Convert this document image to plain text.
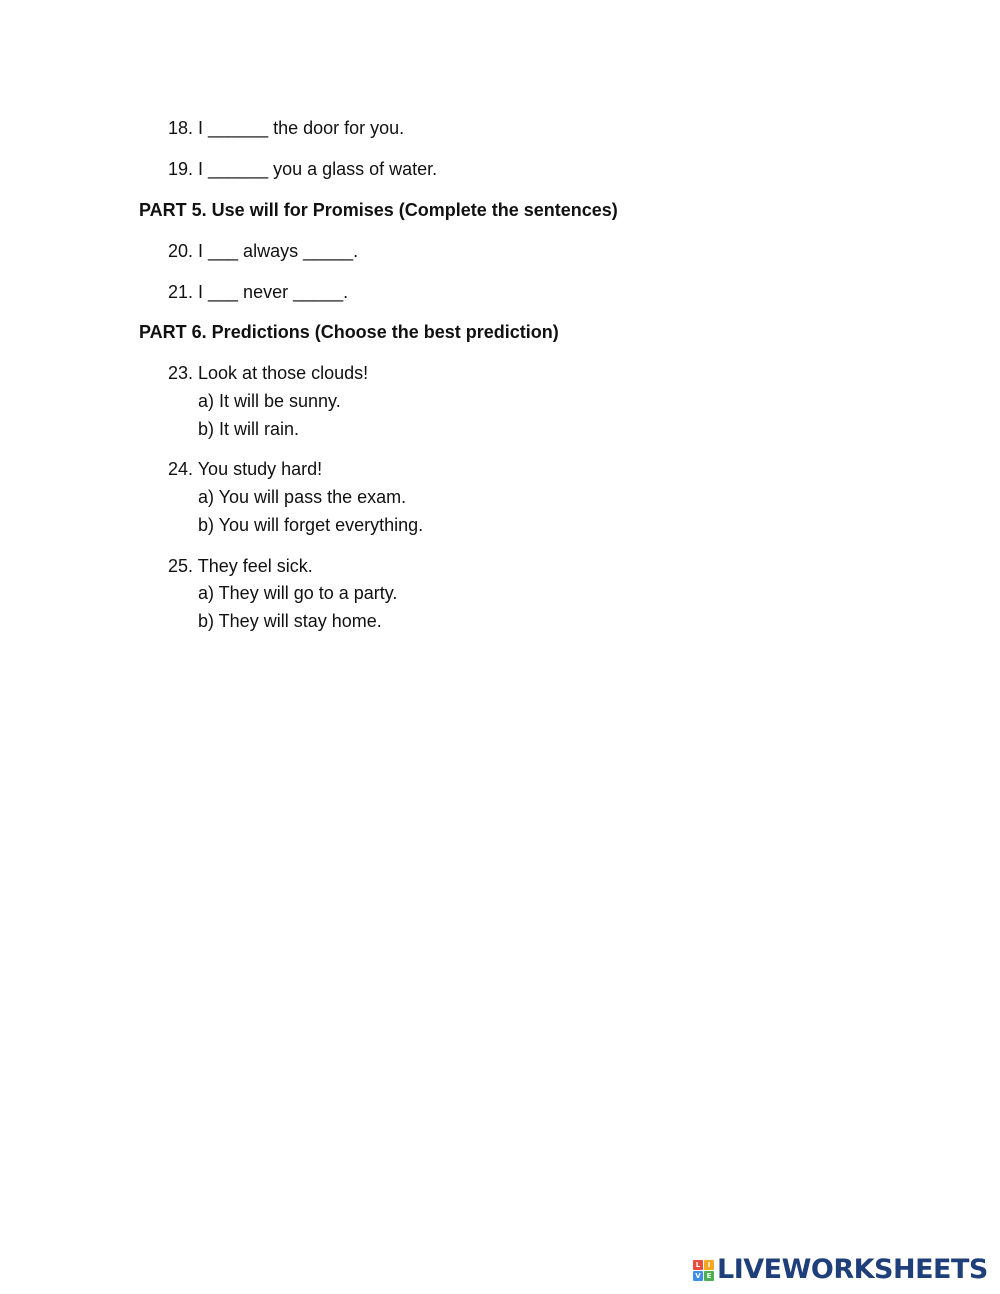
18. I ______ the door for you.
19. I ______ you a glass of water.
PART 5. Use will for Promises (Complete the sentences)
20. I ___ always _____.
21. I ___ never _____.
PART 6. Predictions (Choose the best prediction)
23. Look at those clouds!
a) It will be sunny.
b) It will rain.
24. You study hard!
a) You will pass the exam.
b) You will forget everything.
25. They feel sick.
a) They will go to a party.
b) They will stay home.
L	I
V E LIVEWORKSHEETS
